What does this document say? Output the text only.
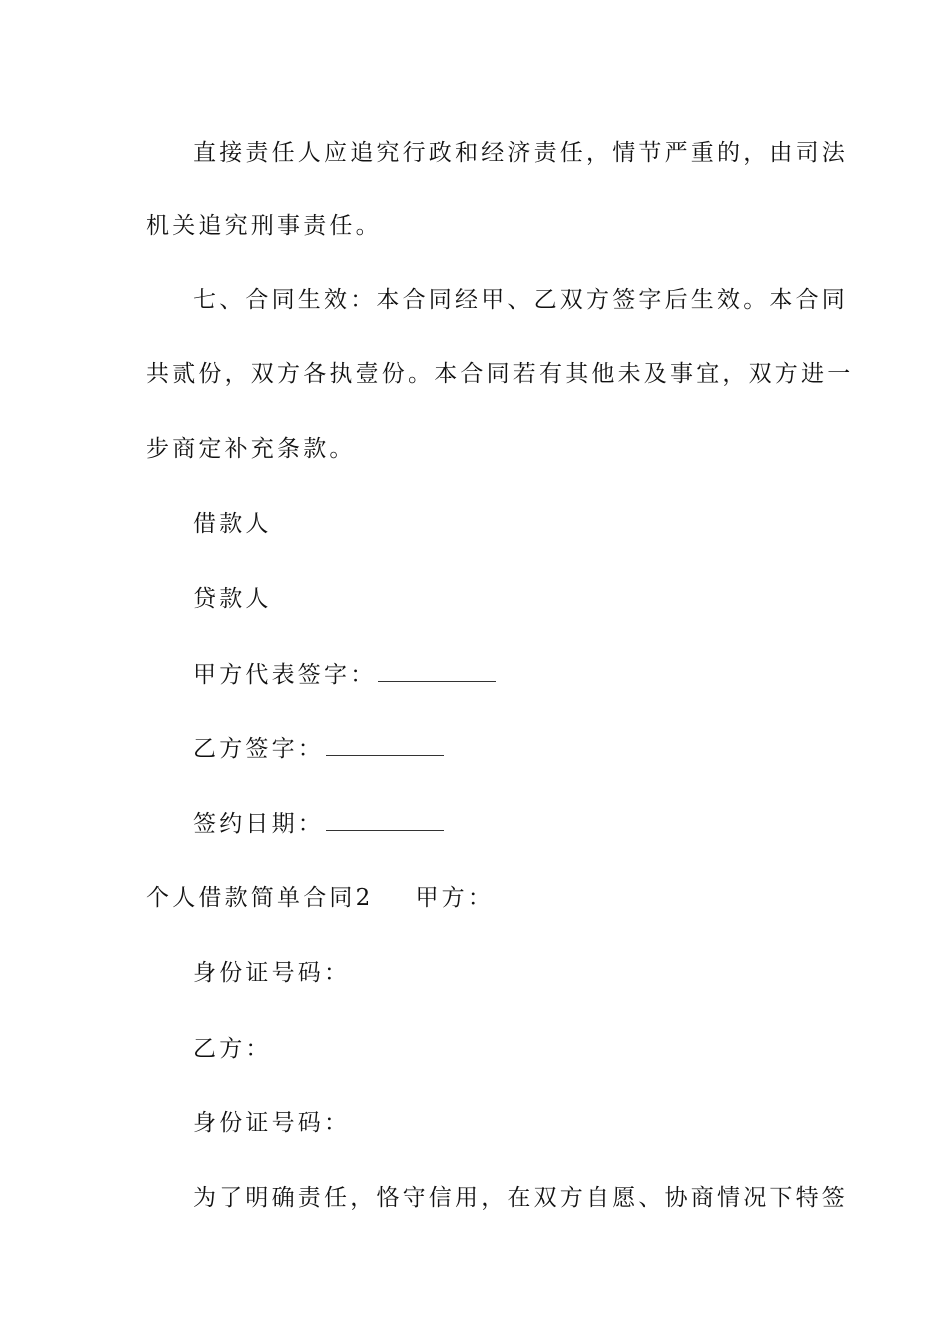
直接责任人应追究行政和经济责任，情节严重的，由司法
机关追究刑事责任。
七、合同生效：本合同经甲、乙双方签字后生效。本合同
共贰份，双方各执壹份。本合同若有其他未及事宜，双方进一
步商定补充条款。
借款人
贷款人
甲方代表签字：
乙方签字：
签约日期：
个人借款简单合同2 甲方：
身份证号码：
乙方：
身份证号码：
为了明确责任，恪守信用，在双方自愿、协商情况下特签
